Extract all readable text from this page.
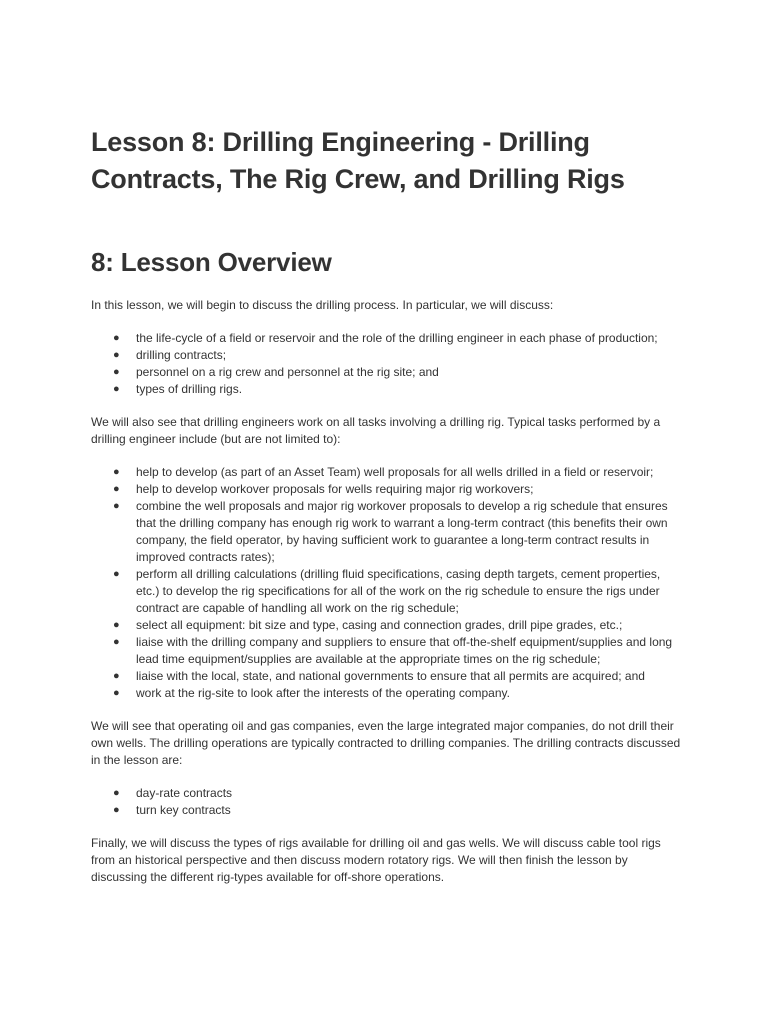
Lesson 8: Drilling Engineering - Drilling Contracts, The Rig Crew, and Drilling Rigs
8: Lesson Overview

In this lesson, we will begin to discuss the drilling process. In particular, we will discuss:

● the life-cycle of a field or reservoir and the role of the drilling engineer in each phase of production;
● drilling contracts;
● personnel on a rig crew and personnel at the rig site; and
● types of drilling rigs.

We will also see that drilling engineers work on all tasks involving a drilling rig. Typical tasks performed by a drilling engineer include (but are not limited to):

● help to develop (as part of an Asset Team) well proposals for all wells drilled in a field or reservoir;
● help to develop workover proposals for wells requiring major rig workovers;
● combine the well proposals and major rig workover proposals to develop a rig schedule that ensures that the drilling company has enough rig work to warrant a long-term contract (this benefits their own company, the field operator, by having sufficient work to guarantee a long-term contract results in improved contracts rates);
● perform all drilling calculations (drilling fluid specifications, casing depth targets, cement properties, etc.) to develop the rig specifications for all of the work on the rig schedule to ensure the rigs under contract are capable of handling all work on the rig schedule;
● select all equipment: bit size and type, casing and connection grades, drill pipe grades, etc.;
● liaise with the drilling company and suppliers to ensure that off-the-shelf equipment/supplies and long lead time equipment/supplies are available at the appropriate times on the rig schedule;
● liaise with the local, state, and national governments to ensure that all permits are acquired; and
● work at the rig-site to look after the interests of the operating company.

We will see that operating oil and gas companies, even the large integrated major companies, do not drill their own wells. The drilling operations are typically contracted to drilling companies. The drilling contracts discussed in the lesson are:

● day-rate contracts
● turn key contracts

Finally, we will discuss the types of rigs available for drilling oil and gas wells. We will discuss cable tool rigs from an historical perspective and then discuss modern rotatory rigs. We will then finish the lesson by discussing the different rig-types available for off-shore operations.
